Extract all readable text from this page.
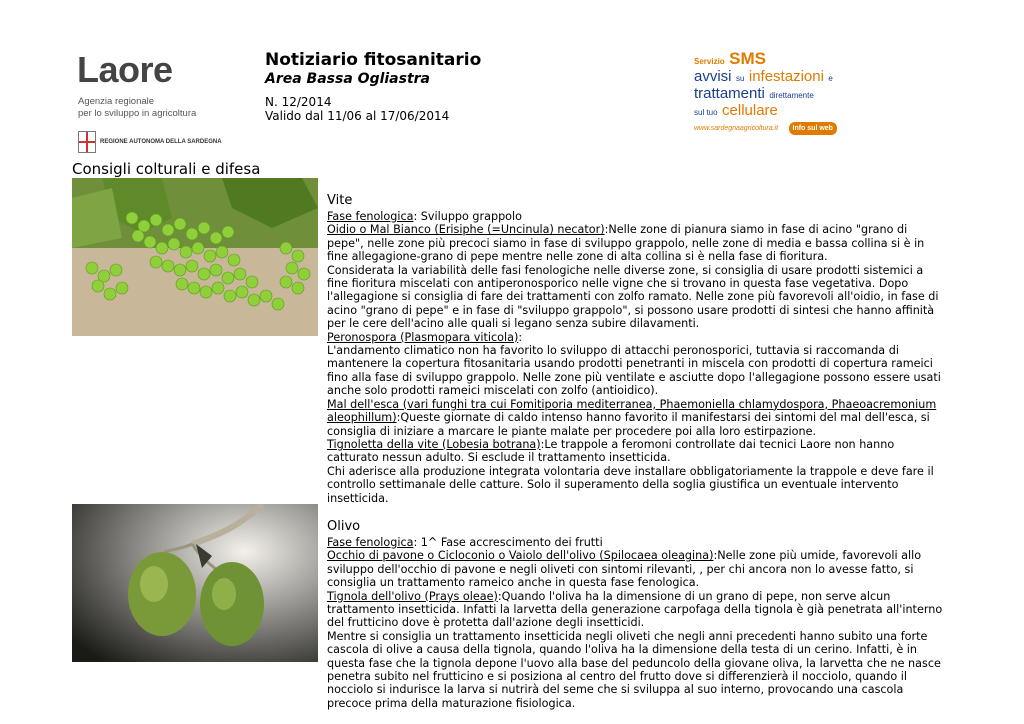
Laore
Agenzia regionale
per lo sviluppo in agricoltura
REGIONE AUTONOMA DELLA SARDEGNA
Notiziario fitosanitario
Area Bassa Ogliastra
N. 12/2014
Valido dal 11/06 al 17/06/2014
Servizio SMS
avvisi su infestazioni e
trattamenti direttamente
sul tuo cellulare
www.sardegnaagricoltura.it Info sul web
Consigli colturali e difesa
Vite

Fase fenologica: Sviluppo grappolo

Oidio o Mal Bianco (Erisiphe (=Uncinula) necator):Nelle zone di pianura siamo in fase di acino "grano di pepe", nelle zone più precoci siamo in fase di sviluppo grappolo, nelle zone di media e bassa collina si è in fine allegagione-grano di pepe mentre nelle zone di alta collina si è nella fase di fioritura.

Considerata la variabilità delle fasi fenologiche nelle diverse zone, si consiglia di usare prodotti sistemici a fine fioritura miscelati con antiperonosporico nelle vigne che si trovano in questa fase vegetativa. Dopo l'allegagione si consiglia di fare dei trattamenti con zolfo ramato. Nelle zone più favorevoli all'oidio, in fase di acino "grano di pepe" e in fase di "sviluppo grappolo", si possono usare prodotti di sintesi che hanno affinità per le cere dell'acino alle quali si legano senza subire dilavamenti.

Peronospora (Plasmopara viticola):

L'andamento climatico non ha favorito lo sviluppo di attacchi peronosporici, tuttavia si raccomanda di mantenere la copertura fitosanitaria usando prodotti penetranti in miscela con prodotti di copertura rameici fino alla fase di sviluppo grappolo. Nelle zone più ventilate e asciutte dopo l'allegagione possono essere usati anche solo prodotti rameici miscelati con zolfo (antioidico).

Mal dell'esca (vari funghi tra cui Fomitiporia mediterranea, Phaemoniella chlamydospora, Phaeoacremonium aleophillum):Queste giornate di caldo intenso hanno favorito il manifestarsi dei sintomi del mal dell'esca, si consiglia di iniziare a marcare le piante malate per procedere poi alla loro estirpazione.

Tignoletta della vite (Lobesia botrana):Le trappole a feromoni controllate dai tecnici Laore non hanno catturato nessun adulto. Si esclude il trattamento insetticida.

Chi aderisce alla produzione integrata volontaria deve installare obbligatoriamente la trappole e deve fare il controllo settimanale delle catture. Solo il superamento della soglia giustifica un eventuale intervento insetticida.

Olivo

Fase fenologica: 1^ Fase accrescimento dei frutti

Occhio di pavone o Cicloconio o Vaiolo dell'olivo (Spilocaea oleagina):Nelle zone più umide, favorevoli allo sviluppo dell'occhio di pavone e negli oliveti con sintomi rilevanti, , per chi ancora non lo avesse fatto, si consiglia un trattamento rameico anche in questa fase fenologica.

Tignola dell'olivo (Prays oleae):Quando l'oliva ha la dimensione di un grano di pepe, non serve alcun trattamento insetticida. Infatti la larvetta della generazione carpofaga della tignola è già penetrata all'interno del frutticino dove è protetta dall'azione degli insetticidi.

Mentre si consiglia un trattamento insetticida negli oliveti che negli anni precedenti hanno subito una forte cascola di olive a causa della tignola, quando l'oliva ha la dimensione della testa di un cerino. Infatti, è in questa fase che la tignola depone l'uovo alla base del peduncolo della giovane oliva, la larvetta che ne nasce penetra subito nel frutticino e si posiziona al centro del frutto dove si differenzierà il nocciolo, quando il nocciolo si indurisce la larva si nutrirà del seme che si sviluppa al suo interno, provocando una cascola precoce prima della maturazione fisiologica.
